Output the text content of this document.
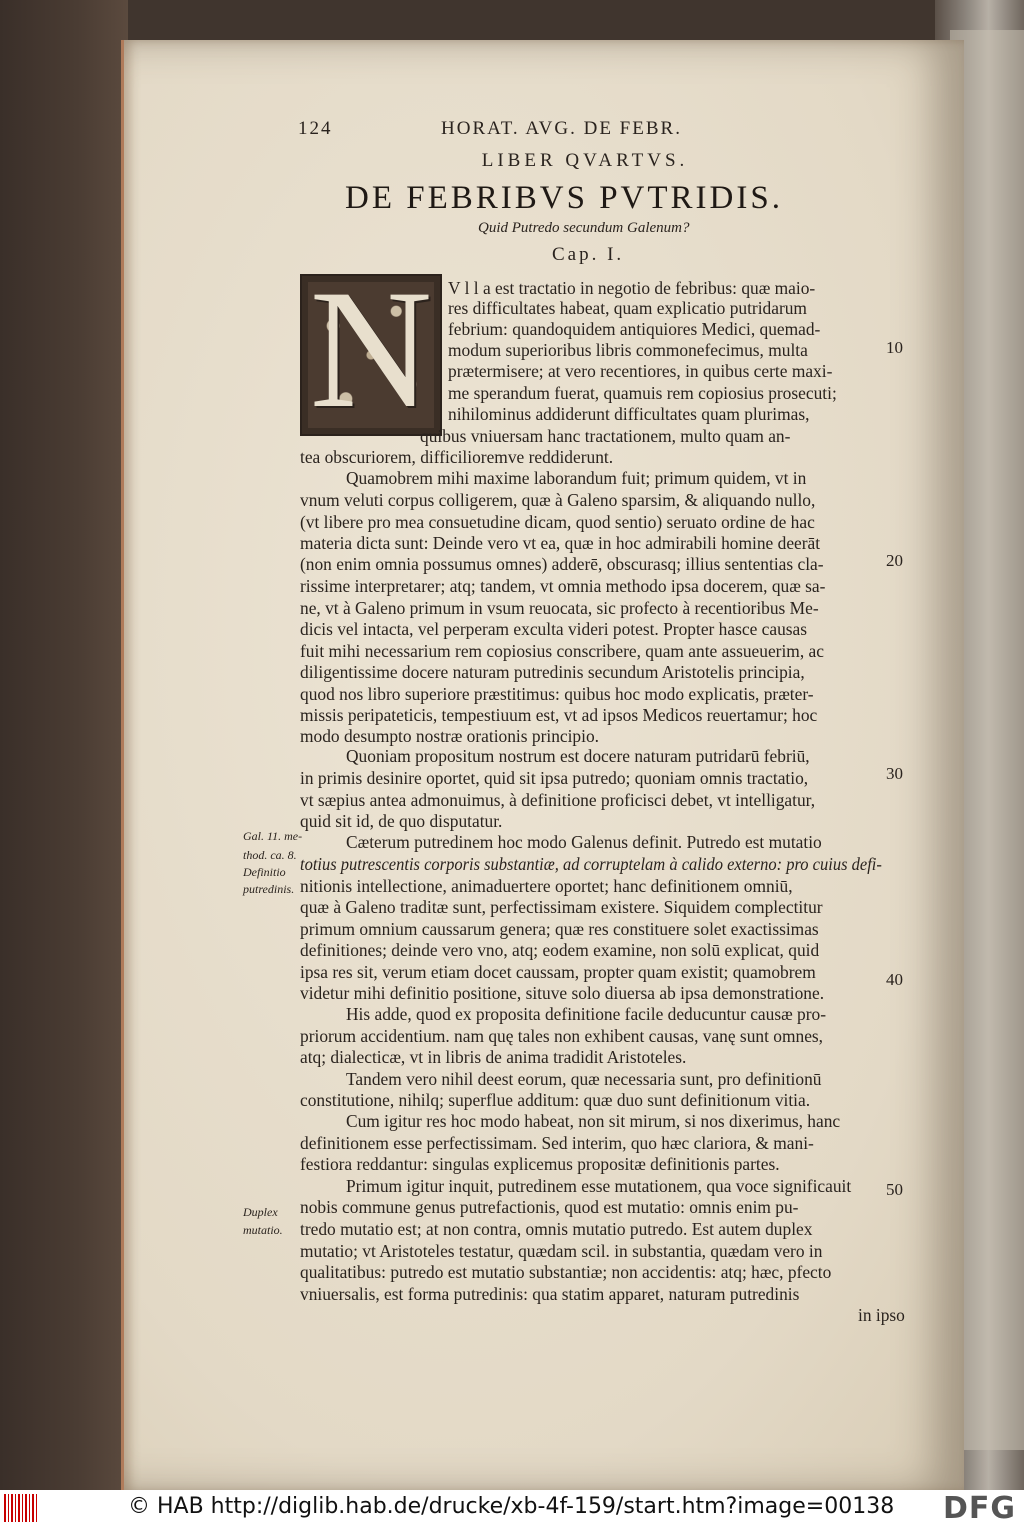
124	HORAT. AVG. DE FEBR.
LIBER QVARTVS.
DE FEBRIBVS PVTRIDIS.
Quid Putredo secundum Galenum?
Cap. I.
N V l l a est tractatio in negotio de febribus: quæ maio-
res difficultates habeat, quam explicatio putridarum
febrium: quandoquidem antiquiores Medici, quemad-
modum superioribus libris commonefecimus, multa
prætermisere; at vero recentiores, in quibus certe maxi-
me sperandum fuerat, quamuis rem copiosius prosecuti;
nihilominus addiderunt difficultates quam plurimas,
quibus vniuersam hanc tractationem, multo quam an-
tea obscuriorem, difficilioremve reddiderunt.
Quamobrem mihi maxime laborandum fuit; primum quidem, vt in
vnum veluti corpus colligerem, quæ à Galeno sparsim, & aliquando nullo,
(vt libere pro mea consuetudine dicam, quod sentio) seruato ordine de hac
materia dicta sunt: Deinde vero vt ea, quæ in hoc admirabili homine deerāt
(non enim omnia possumus omnes) adderē, obscurasq; illius sententias cla-
rissime interpretarer; atq; tandem, vt omnia methodo ipsa docerem, quæ sa-
ne, vt à Galeno primum in vsum reuocata, sic profecto à recentioribus Me-
dicis vel intacta, vel perperam exculta videri potest. Propter hasce causas
fuit mihi necessarium rem copiosius conscribere, quam ante assueuerim, ac
diligentissime docere naturam putredinis secundum Aristotelis principia,
quod nos libro superiore præstitimus: quibus hoc modo explicatis, præter-
missis peripateticis, tempestiuum est, vt ad ipsos Medicos reuertamur; hoc
modo desumpto nostræ orationis principio.
Quoniam propositum nostrum est docere naturam putridarū febriū,
in primis desinire oportet, quid sit ipsa putredo; quoniam omnis tractatio,
vt sæpius antea admonuimus, à definitione proficisci debet, vt intelligatur,
quid sit id, de quo disputatur.
Cæterum putredinem hoc modo Galenus definit. Putredo est mutatio
totius putrescentis corporis substantiæ, ad corruptelam à calido externo: pro cuius defi-
nitionis intellectione, animaduertere oportet; hanc definitionem omniū,
quæ à Galeno traditæ sunt, perfectissimam existere. Siquidem complectitur
primum omnium caussarum genera; quæ res constituere solet exactissimas
definitiones; deinde vero vno, atq; eodem examine, non solū explicat, quid
ipsa res sit, verum etiam docet caussam, propter quam existit; quamobrem
videtur mihi definitio positione, situve solo diuersa ab ipsa demonstratione.
His adde, quod ex proposita definitione facile deducuntur causæ pro-
priorum accidentium. nam quę tales non exhibent causas, vanę sunt omnes,
atq; dialecticæ, vt in libris de anima tradidit Aristoteles.
Tandem vero nihil deest eorum, quæ necessaria sunt, pro definitionū
constitutione, nihilq; superflue additum: quæ duo sunt definitionum vitia.
Cum igitur res hoc modo habeat, non sit mirum, si nos dixerimus, hanc
definitionem esse perfectissimam. Sed interim, quo hæc clariora, & mani-
festiora reddantur: singulas explicemus propositæ definitionis partes.
Primum igitur inquit, putredinem esse mutationem, qua voce significauit
nobis commune genus putrefactionis, quod est mutatio: omnis enim pu-
tredo mutatio est; at non contra, omnis mutatio putredo. Est autem duplex
mutatio; vt Aristoteles testatur, quædam scil. in substantia, quædam vero in
qualitatibus: putredo est mutatio substantiæ; non accidentis: atq; hæc, pfecto
vniuersalis, est forma putredinis: qua statim apparet, naturam putredinis
in ipso
Gal. 11. me-
thod. ca. 8.
Definitio
putredinis.
Duplex
mutatio.
10
20
30
40
50
© HAB http://diglib.hab.de/drucke/xb-4f-159/start.htm?image=00138 DFG
